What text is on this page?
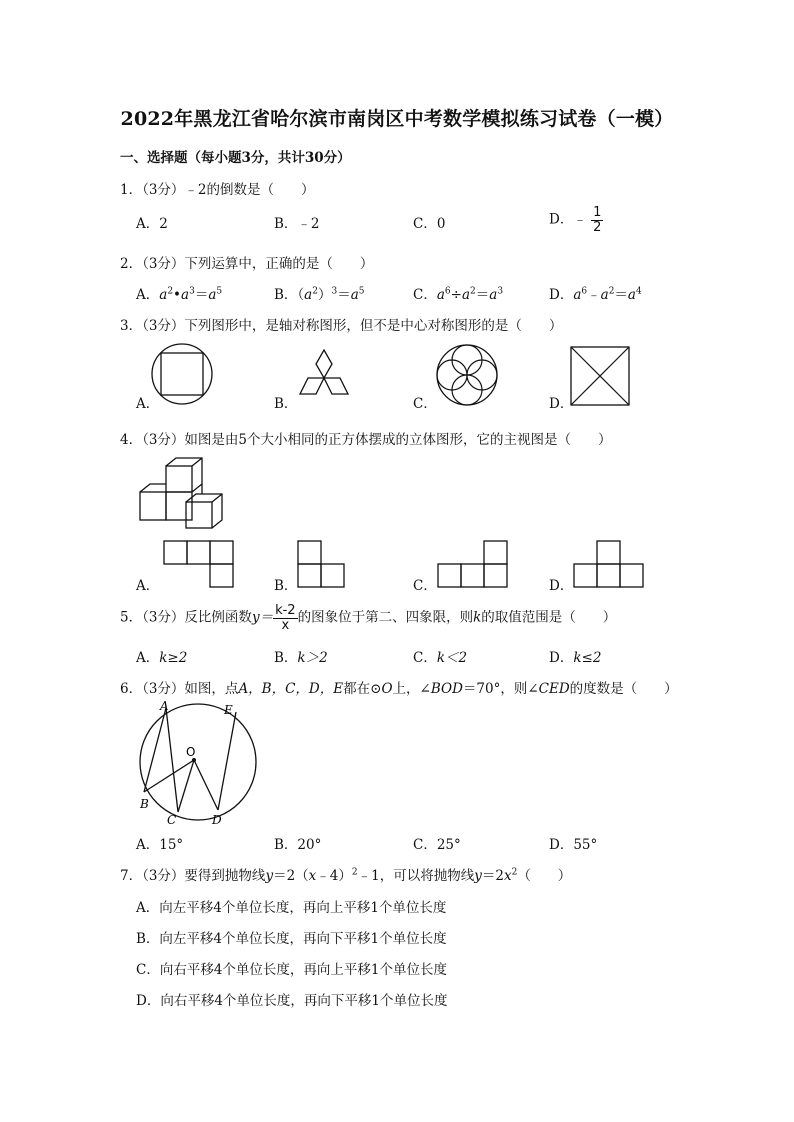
2022年黑龙江省哈尔滨市南岗区中考数学模拟练习试卷（一模）
一、选择题（每小题3分，共计30分）
1．（3分）﹣2的倒数是（　　）
A．2	B．﹣2	C．0	D．﹣ $\frac{1}{2}$
2．（3分）下列运算中，正确的是（　　）
A．$a^2•a^3=a^5$	B．$(a^2)^3=a^5$	C．$a^6\div a^2=a^3$	D．$a^6﹣a^2=a^4$
3．（3分）下列图形中，是轴对称图形，但不是中心对称图形的是（　　）
A．	B．	C．	D．
4．（3分）如图是由5个大小相同的正方体摆成的立体图形，它的主视图是（　　）
A．	B．	C．	D．
5．（3分）反比例函数$y= \frac{k-2}{x}$ 的图象位于第二、四象限，则k的取值范围是（　　）
A．k≥2	B．k＞2	C．k＜2	D．k≤2
6．（3分）如图，点A，B，C，D，E都在⊙O上，∠BOD＝70°，则∠CED的度数是（　　）
A	E
O
B
C	D
A．15°	B．20°	C．25°	D．55°
7．（3分）要得到抛物线y＝2（x﹣4）$^2$﹣1，可以将抛物线$y=2x^2$（　　）
A．向左平移4个单位长度，再向上平移1个单位长度
B．向左平移4个单位长度，再向下平移1个单位长度
C．向右平移4个单位长度，再向上平移1个单位长度
D．向右平移4个单位长度，再向下平移1个单位长度
